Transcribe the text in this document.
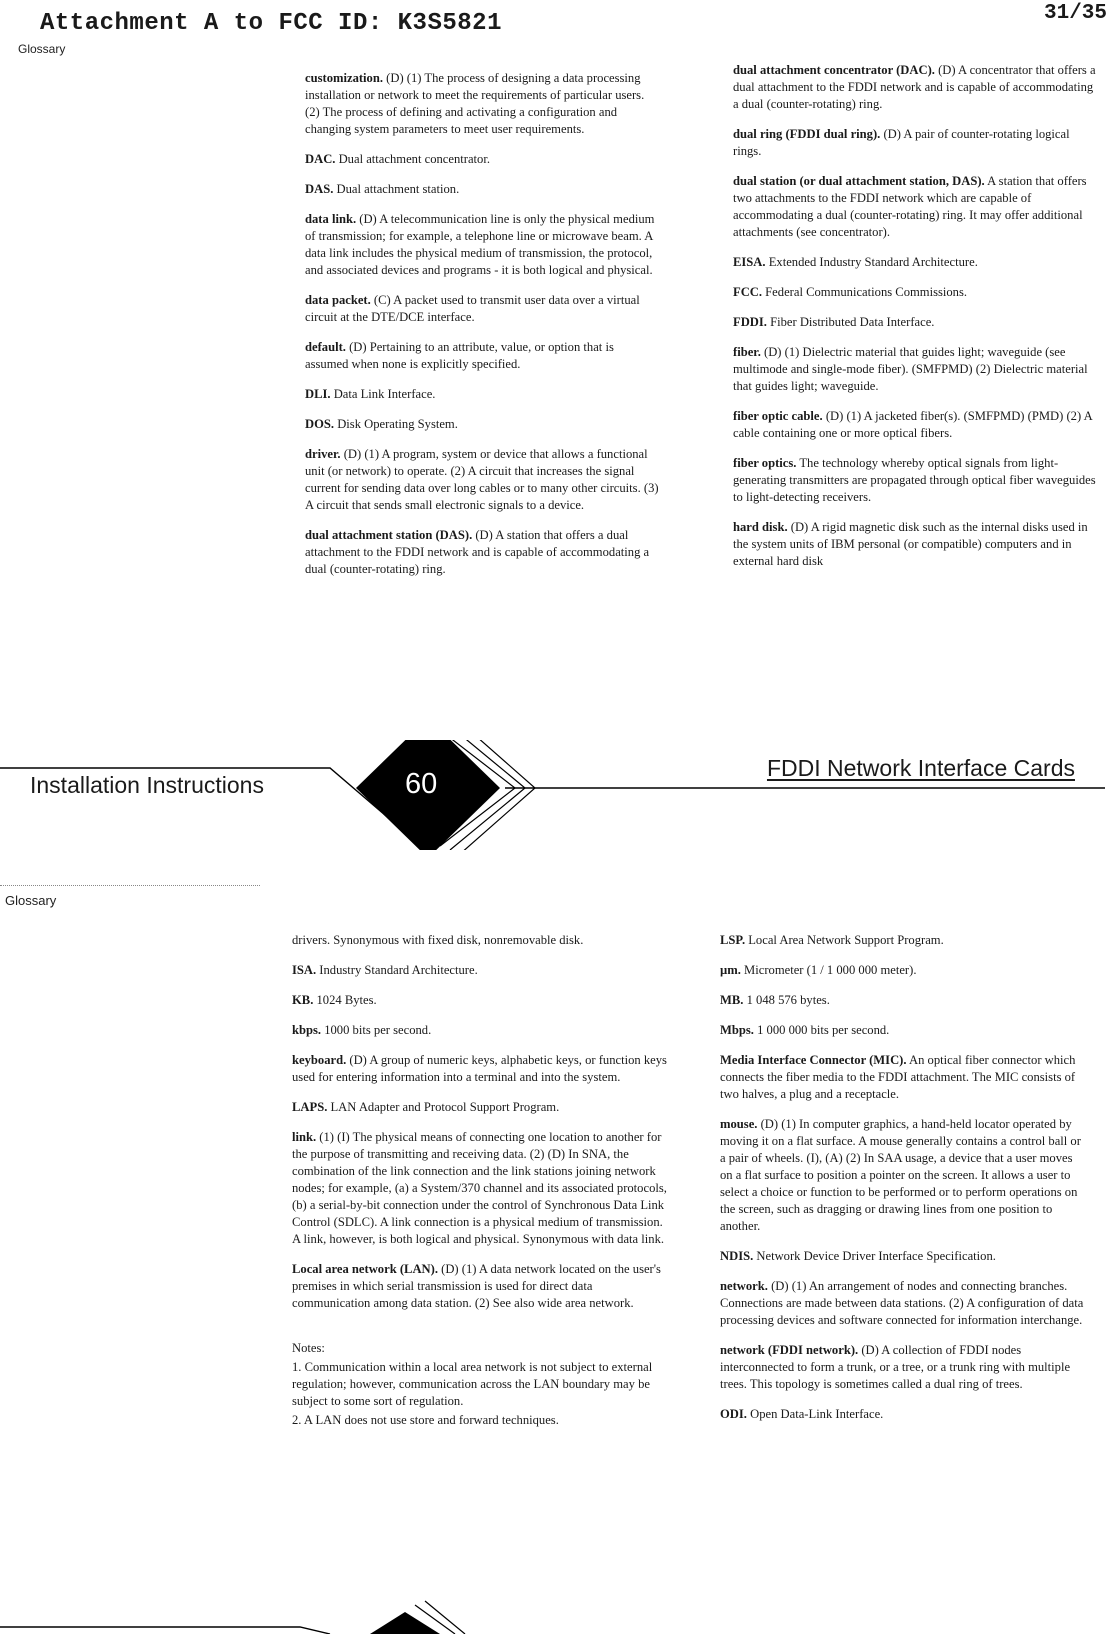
Attachment A to FCC ID: K3S5821	31/35
Glossary

customization. (D) (1) The process of designing a data processing installation or network to meet the requirements of particular users. (2) The process of defining and activating a configuration and changing system parameters to meet user requirements.

DAC. Dual attachment concentrator.

DAS. Dual attachment station.

data link. (D) A telecommunication line is only the physical medium of transmission; for example, a telephone line or microwave beam. A data link includes the physical medium of transmission, the protocol, and associated devices and programs - it is both logical and physical.

data packet. (C) A packet used to transmit user data over a virtual circuit at the DTE/DCE interface.

default. (D) Pertaining to an attribute, value, or option that is assumed when none is explicitly specified.

DLI. Data Link Interface.

DOS. Disk Operating System.

driver. (D) (1) A program, system or device that allows a functional unit (or network) to operate. (2) A circuit that increases the signal current for sending data over long cables or to many other circuits. (3) A circuit that sends small electronic signals to a device.

dual attachment station (DAS). (D) A station that offers a dual attachment to the FDDI network and is capable of accommodating a dual (counter-rotating) ring.

dual attachment concentrator (DAC). (D) A concentrator that offers a dual attachment to the FDDI network and is capable of accommodating a dual (counter-rotating) ring.

dual ring (FDDI dual ring). (D) A pair of counter-rotating logical rings.

dual station (or dual attachment station, DAS). A station that offers two attachments to the FDDI network which are capable of accommodating a dual (counter-rotating) ring. It may offer additional attachments (see concentrator).

EISA. Extended Industry Standard Architecture.

FCC. Federal Communications Commissions.

FDDI. Fiber Distributed Data Interface.

fiber. (D) (1) Dielectric material that guides light; waveguide (see multimode and single-mode fiber). (SMFPMD) (2) Dielectric material that guides light; waveguide.

fiber optic cable. (D) (1) A jacketed fiber(s). (SMFPMD) (PMD) (2) A cable containing one or more optical fibers.

fiber optics. The technology whereby optical signals from light-generating transmitters are propagated through optical fiber waveguides to light-detecting receivers.

hard disk. (D) A rigid magnetic disk such as the internal disks used in the system units of IBM personal (or compatible) computers and in external hard disk

Installation Instructions
FDDI Network Interface Cards
60
Glossary

drivers. Synonymous with fixed disk, nonremovable disk.

ISA. Industry Standard Architecture.

KB. 1024 Bytes.

kbps. 1000 bits per second.

keyboard. (D) A group of numeric keys, alphabetic keys, or function keys used for entering information into a terminal and into the system.

LAPS. LAN Adapter and Protocol Support Program.

link. (1) (I) The physical means of connecting one location to another for the purpose of transmitting and receiving data. (2) (D) In SNA, the combination of the link connection and the link stations joining network nodes; for example, (a) a System/370 channel and its associated protocols, (b) a serial-by-bit connection under the control of Synchronous Data Link Control (SDLC). A link connection is a physical medium of transmission. A link, however, is both logical and physical. Synonymous with data link.

Local area network (LAN). (D) (1) A data network located on the user's premises in which serial transmission is used for direct data communication among data station. (2) See also wide area network.

Notes:

1. Communication within a local area network is not subject to external regulation; however, communication across the LAN boundary may be subject to some sort of regulation.

2. A LAN does not use store and forward techniques.

LSP. Local Area Network Support Program.

µm. Micrometer (1 / 1 000 000 meter).

MB. 1 048 576 bytes.

Mbps. 1 000 000 bits per second.

Media Interface Connector (MIC). An optical fiber connector which connects the fiber media to the FDDI attachment. The MIC consists of two halves, a plug and a receptacle.

mouse. (D) (1) In computer graphics, a hand-held locator operated by moving it on a flat surface. A mouse generally contains a control ball or a pair of wheels. (I), (A) (2) In SAA usage, a device that a user moves on a flat surface to position a pointer on the screen. It allows a user to select a choice or function to be performed or to perform operations on the screen, such as dragging or drawing lines from one position to another.

NDIS. Network Device Driver Interface Specification.

network. (D) (1) An arrangement of nodes and connecting branches. Connections are made between data stations. (2) A configuration of data processing devices and software connected for information interchange.

network (FDDI network). (D) A collection of FDDI nodes interconnected to form a trunk, or a tree, or a trunk ring with multiple trees. This topology is sometimes called a dual ring of trees.

ODI. Open Data-Link Interface.
